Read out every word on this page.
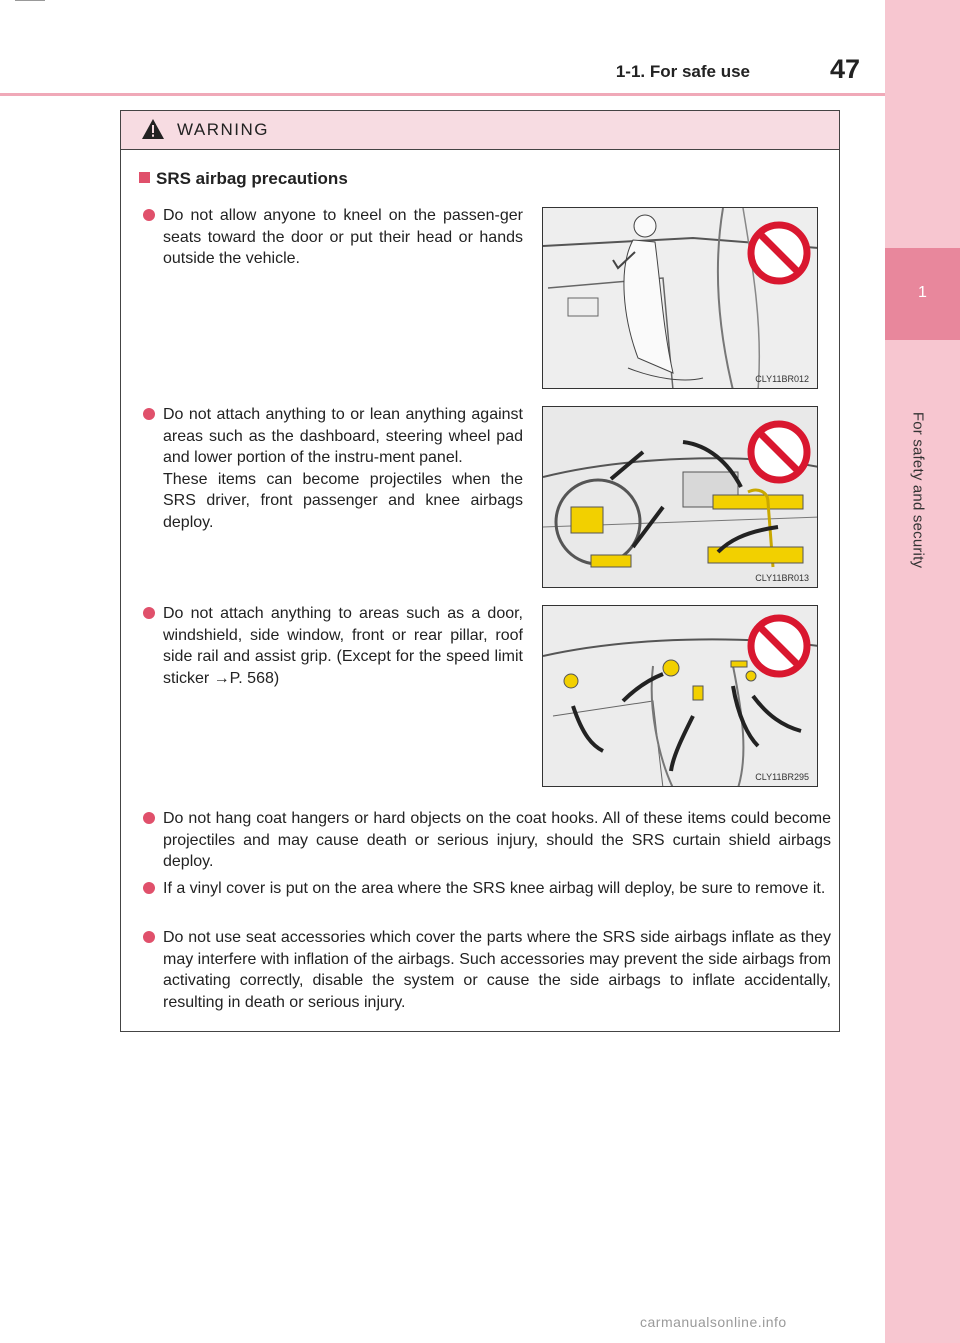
1
For safety and security
1-1. For safe use	47
WARNING
SRS airbag precautions

Do not allow anyone to kneel on the passen-ger seats toward the door or put their head or hands outside the vehicle.

CLY11BR012

Do not attach anything to or lean anything against areas such as the dashboard, steering wheel pad and lower portion of the instru-ment panel.

These items can become projectiles when the SRS driver, front passenger and knee airbags deploy.

CLY11BR013

Do not attach anything to areas such as a door, windshield, side window, front or rear pillar, roof side rail and assist grip. (Except for the speed limit sticker →P. 568)

CLY11BR295

Do not hang coat hangers or hard objects on the coat hooks. All of these items could become projectiles and may cause death or serious injury, should the SRS curtain shield airbags deploy.

If a vinyl cover is put on the area where the SRS knee airbag will deploy, be sure to remove it.

Do not use seat accessories which cover the parts where the SRS side airbags inflate as they may interfere with inflation of the airbags. Such accessories may prevent the side airbags from activating correctly, disable the system or cause the side airbags to inflate accidentally, resulting in death or serious injury.

carmanualsonline.info
